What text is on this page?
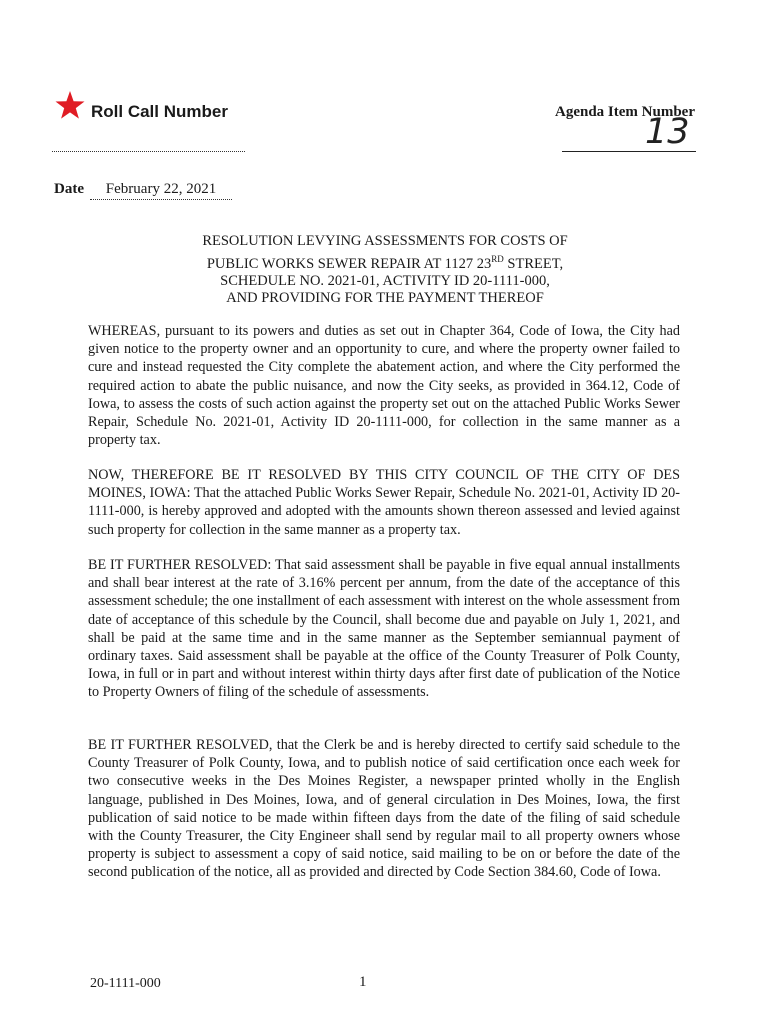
Roll Call Number	Agenda Item Number
13
Date	February 22, 2021
RESOLUTION LEVYING ASSESSMENTS FOR COSTS OF
PUBLIC WORKS SEWER REPAIR AT 1127 23RD STREET,
SCHEDULE NO. 2021-01, ACTIVITY ID 20-1111-000,
AND PROVIDING FOR THE PAYMENT THEREOF

WHEREAS, pursuant to its powers and duties as set out in Chapter 364, Code of Iowa, the City had given notice to the property owner and an opportunity to cure, and where the property owner failed to cure and instead requested the City complete the abatement action, and where the City performed the required action to abate the public nuisance, and now the City seeks, as provided in 364.12, Code of Iowa, to assess the costs of such action against the property set out on the attached Public Works Sewer Repair, Schedule No. 2021-01, Activity ID 20-1111-000, for collection in the same manner as a property tax.

NOW, THEREFORE BE IT RESOLVED BY THIS CITY COUNCIL OF THE CITY OF DES MOINES, IOWA: That the attached Public Works Sewer Repair, Schedule No. 2021-01, Activity ID 20-1111-000, is hereby approved and adopted with the amounts shown thereon assessed and levied against such property for collection in the same manner as a property tax.

BE IT FURTHER RESOLVED: That said assessment shall be payable in five equal annual installments and shall bear interest at the rate of 3.16% percent per annum, from the date of the acceptance of this assessment schedule; the one installment of each assessment with interest on the whole assessment from date of acceptance of this schedule by the Council, shall become due and payable on July 1, 2021, and shall be paid at the same time and in the same manner as the September semiannual payment of ordinary taxes. Said assessment shall be payable at the office of the County Treasurer of Polk County, Iowa, in full or in part and without interest within thirty days after first date of publication of the Notice to Property Owners of filing of the schedule of assessments.

BE IT FURTHER RESOLVED, that the Clerk be and is hereby directed to certify said schedule to the County Treasurer of Polk County, Iowa, and to publish notice of said certification once each week for two consecutive weeks in the Des Moines Register, a newspaper printed wholly in the English language, published in Des Moines, Iowa, and of general circulation in Des Moines, Iowa, the first publication of said notice to be made within fifteen days from the date of the filing of said schedule with the County Treasurer, the City Engineer shall send by regular mail to all property owners whose property is subject to assessment a copy of said notice, said mailing to be on or before the date of the second publication of the notice, all as provided and directed by Code Section 384.60, Code of Iowa.

20-1111-000	1
